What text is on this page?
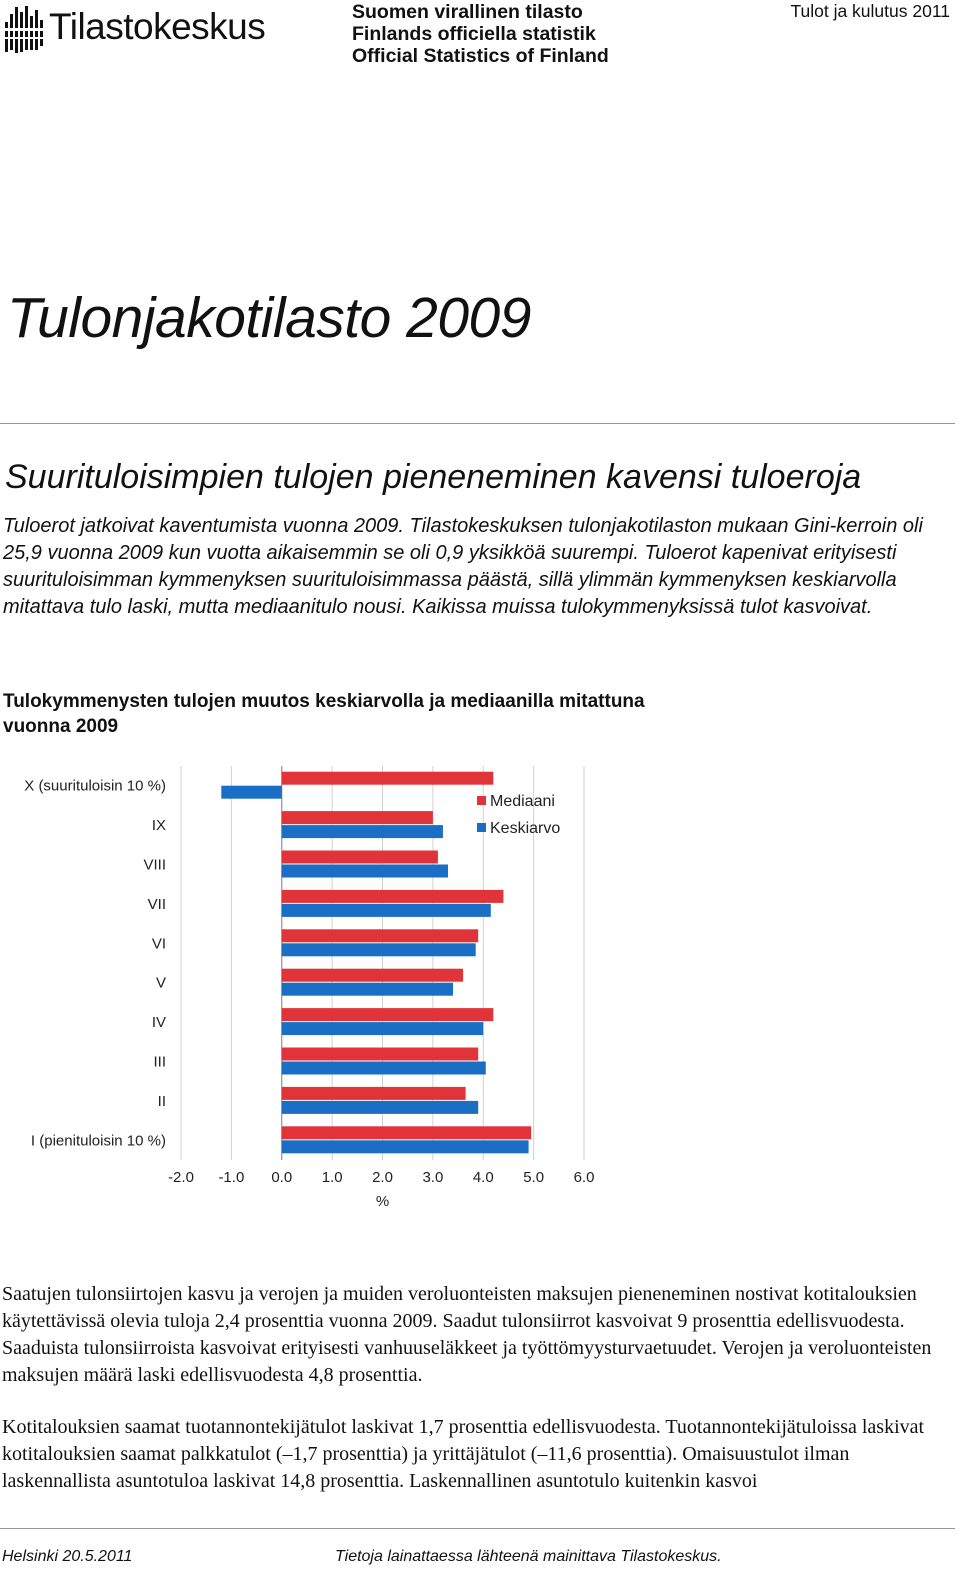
Tilastokeskus	Suomen virallinen tilasto
Finlands officiella statistik
Official Statistics of Finland
Tulot ja kulutus 2011
Tulonjakotilasto 2009
Suurituloisimpien tulojen pieneneminen kavensi tuloeroja
Tuloerot jatkoivat kaventumista vuonna 2009. Tilastokeskuksen tulonjakotilaston mukaan Gini-kerroin oli 25,9 vuonna 2009 kun vuotta aikaisemmin se oli 0,9 yksikköä suurempi. Tuloerot kapenivat erityisesti suurituloisimman kymmenyksen suurituloisimmassa päästä, sillä ylimmän kymmenyksen keskiarvolla mitattava tulo laski, mutta mediaanitulo nousi. Kaikissa muissa tulokymmenyksissä tulot kasvoivat.
Tulokymmenysten tulojen muutos keskiarvolla ja mediaanilla mitattuna vuonna 2009
-2.0 -1.0 0.0 1.0 2.0 3.0 4.0 5.0 6.0
X (suurituloisin 10 %)
IX
VIII
VII
VI
V
IV
III
II
I (pienituloisin 10 %)
%
Mediaani
Keskiarvo
Saatujen tulonsiirtojen kasvu ja verojen ja muiden veroluonteisten maksujen pieneneminen nostivat kotitalouksien käytettävissä olevia tuloja 2,4 prosenttia vuonna 2009. Saadut tulonsiirrot kasvoivat 9 prosenttia edellisvuodesta. Saaduista tulonsiirroista kasvoivat erityisesti vanhuuseläkkeet ja työttömyysturvaetuudet. Verojen ja veroluonteisten maksujen määrä laski edellisvuodesta 4,8 prosenttia.
Kotitalouksien saamat tuotannontekijätulot laskivat 1,7 prosenttia edellisvuodesta. Tuotannontekijätuloissa laskivat kotitalouksien saamat palkkatulot (–1,7 prosenttia) ja yrittäjätulot (–11,6 prosenttia). Omaisuustulot ilman laskennallista asuntotuloa laskivat 14,8 prosenttia. Laskennallinen asuntotulo kuitenkin kasvoi
Helsinki 20.5.2011	Tietoja lainattaessa lähteenä mainittava Tilastokeskus.
